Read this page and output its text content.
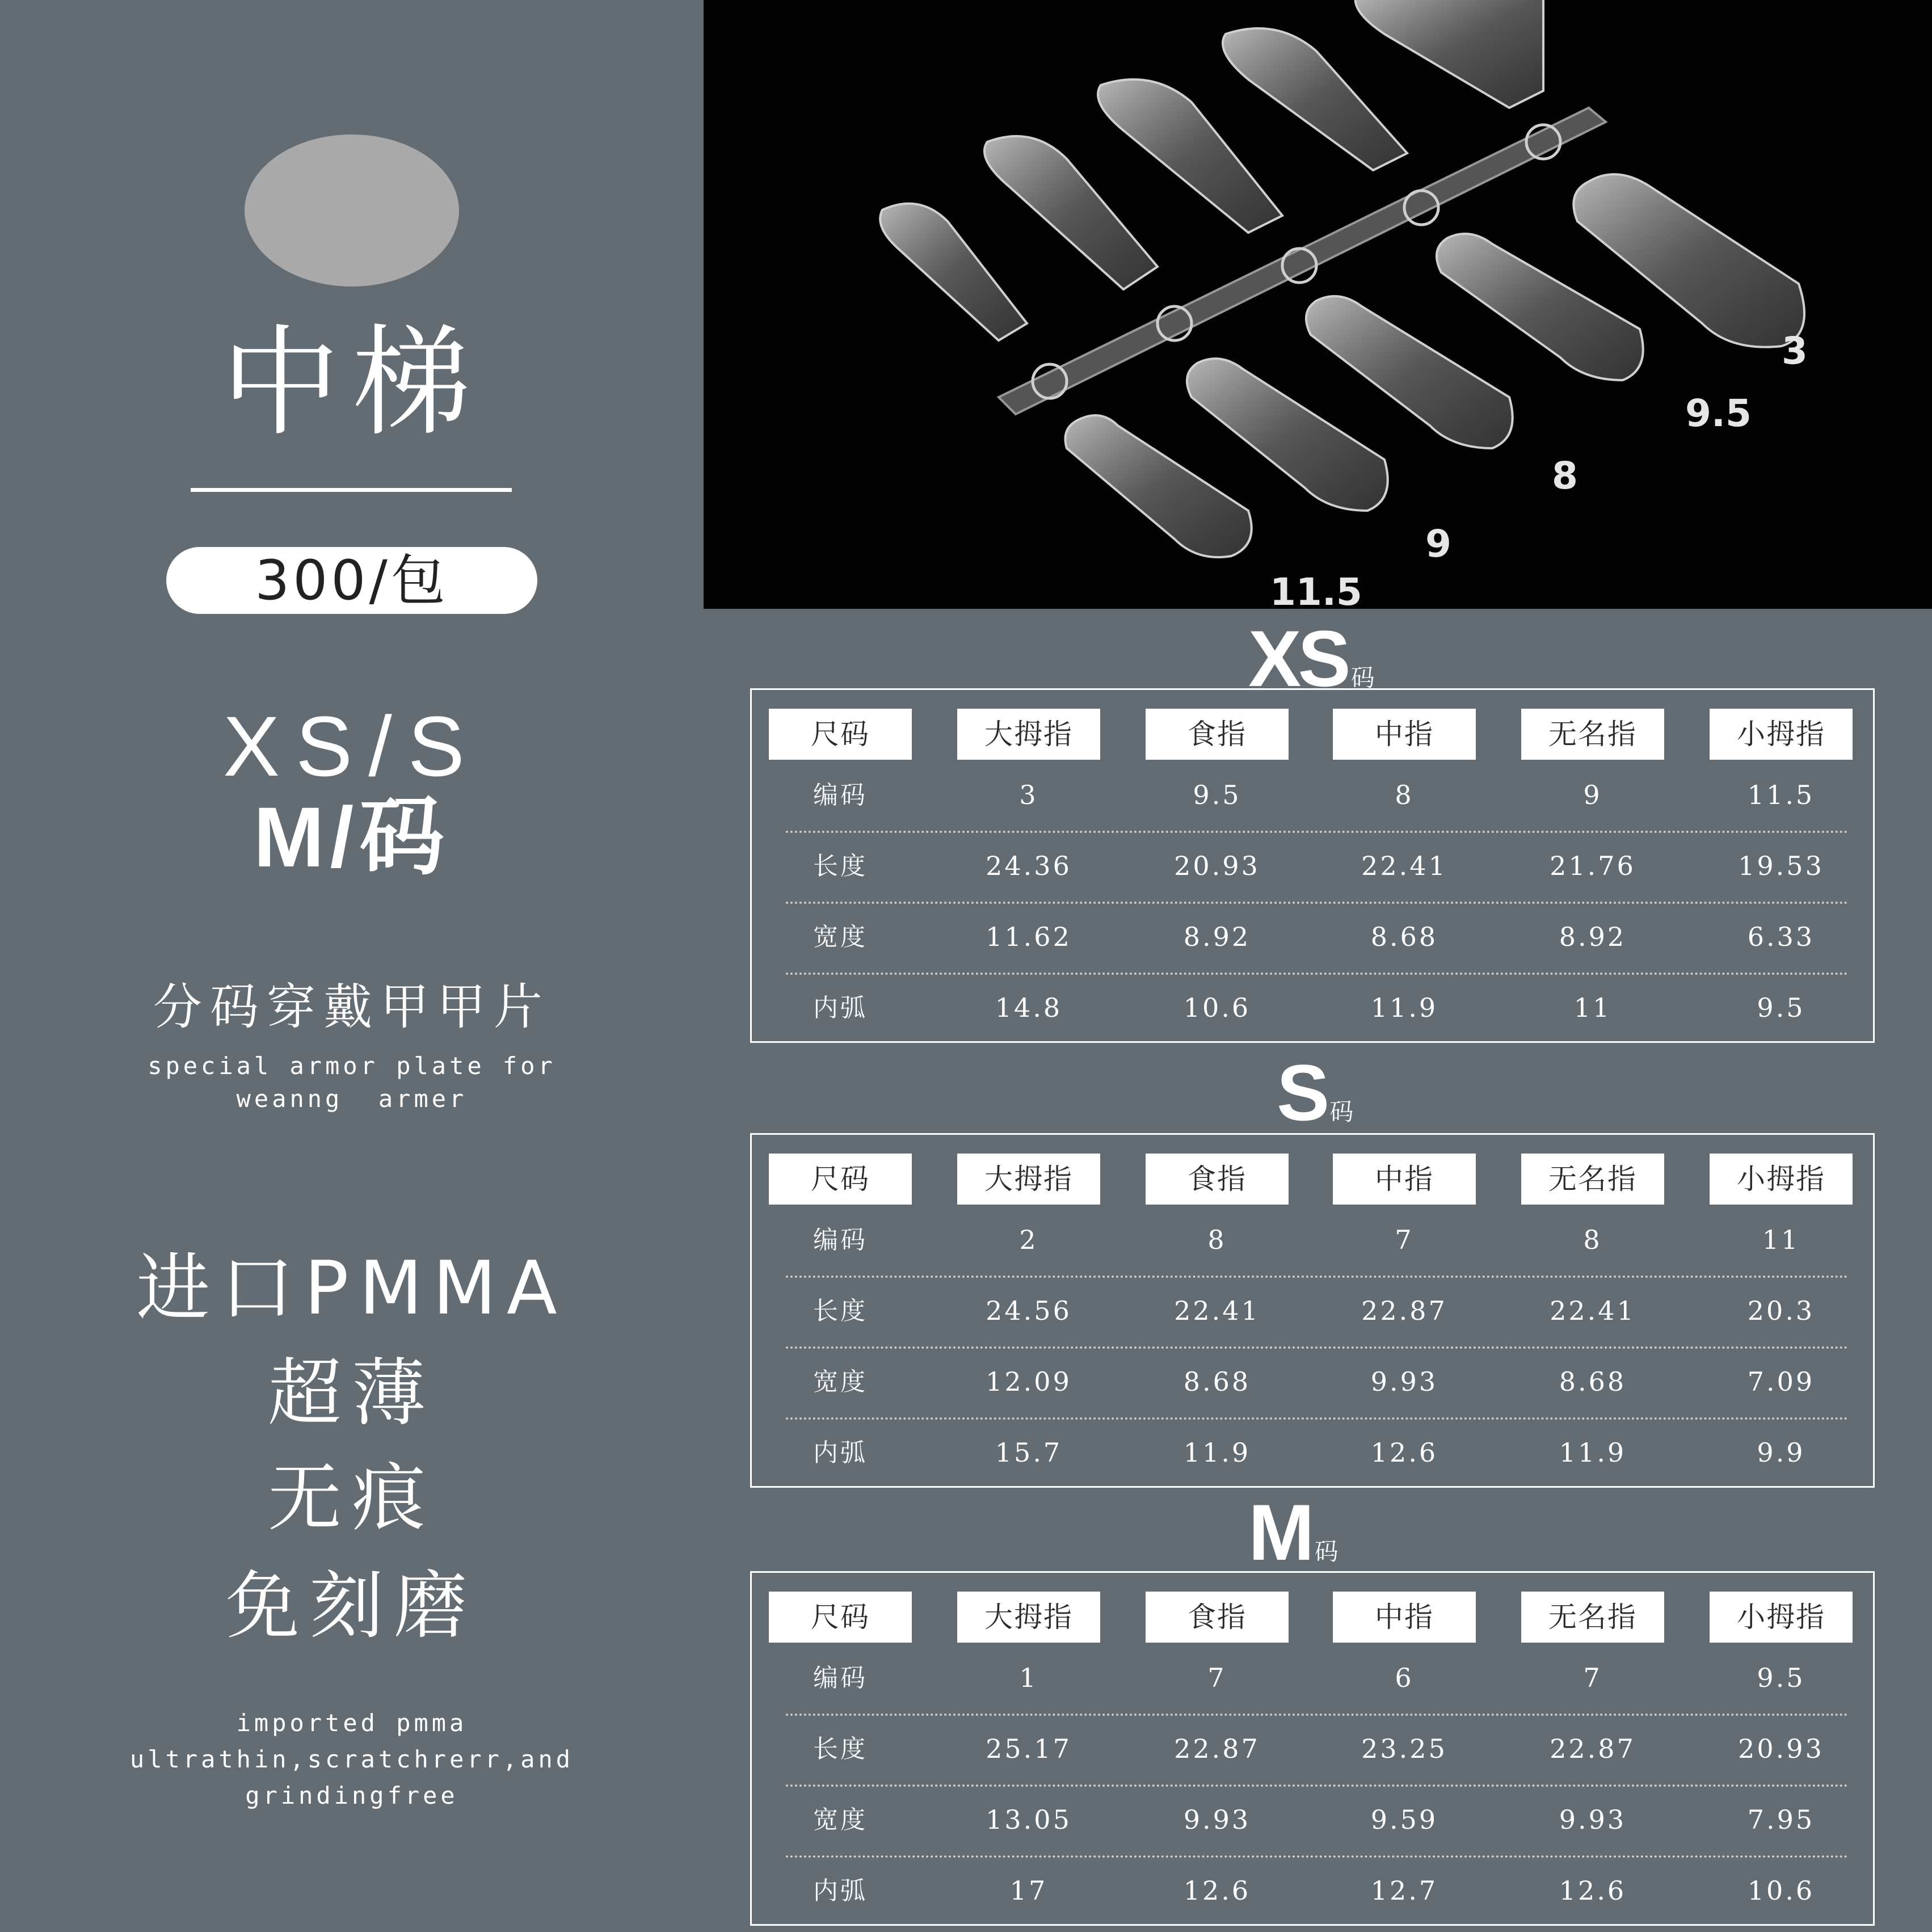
中梯
300/包
XS/S
M/码
分码穿戴甲甲片
special armor plate for
weanng  armer
进口PMMA
超薄
无痕
免刻磨
imported pmma
ultrathin,scratchrerr,and
grindingfree
3
9.5
8
9
11.5
XS 码
尺码	大拇指	食指	中指	无名指	小拇指
编码	3	9.5	8	9	11.5
长度	24.36	20.93	22.41	21.76	19.53
宽度	11.62	8.92	8.68	8.92	6.33
内弧	14.8	10.6	11.9	11	9.5
S码
尺码	大拇指	食指	中指	无名指	小拇指
编码	2	8	7	8	11
长度	24.56	22.41	22.87	22.41	20.3
宽度	12.09	8.68	9.93	8.68	7.09
内弧	15.7	11.9	12.6	11.9	9.9
M码
尺码	大拇指	食指	中指	无名指	小拇指
编码	1	7	6	7	9.5
长度	25.17	22.87	23.25	22.87	20.93
宽度	13.05	9.93	9.59	9.93	7.95
内弧	17	12.6	12.7	12.6	10.6
